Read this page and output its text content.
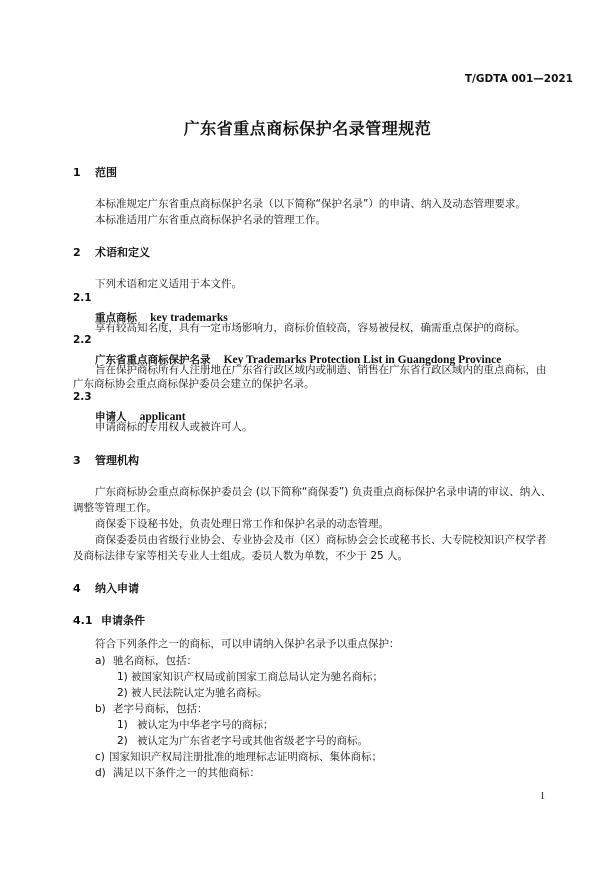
T/GDTA 001—2021
广东省重点商标保护名录管理规范
1 范围
本标准规定广东省重点商标保护名录（以下简称“保护名录”）的申请、纳入及动态管理要求。
本标准适用广东省重点商标保护名录的管理工作。
2 术语和定义
下列术语和定义适用于本文件。
2.1
重点商标 key trademarks
享有较高知名度，具有一定市场影响力，商标价值较高，容易被侵权，确需重点保护的商标。
2.2
广东省重点商标保护名录 Key Trademarks Protection List in Guangdong Province
旨在保护商标所有人注册地在广东省行政区域内或制造、销售在广东省行政区域内的重点商标，由
广东商标协会重点商标保护委员会建立的保护名录。
2.3
申请人 applicant
申请商标的专用权人或被许可人。
3 管理机构
广东商标协会重点商标保护委员会 (以下简称“商保委”) 负责重点商标保护名录申请的审议、纳入、
调整等管理工作。
商保委下设秘书处，负责处理日常工作和保护名录的动态管理。
商保委委员由省级行业协会、专业协会及市（区）商标协会会长或秘书长、大专院校知识产权学者
及商标法律专家等相关专业人士组成。委员人数为单数，不少于 25 人。
4 纳入申请
4.1 申请条件
符合下列条件之一的商标，可以申请纳入保护名录予以重点保护：
a) 驰名商标，包括：
1) 被国家知识产权局或前国家工商总局认定为驰名商标；
2) 被人民法院认定为驰名商标。
b) 老字号商标，包括：
1) 被认定为中华老字号的商标；
2) 被认定为广东省老字号或其他省级老字号的商标。
c) 国家知识产权局注册批准的地理标志证明商标、集体商标；
d) 满足以下条件之一的其他商标：
1
